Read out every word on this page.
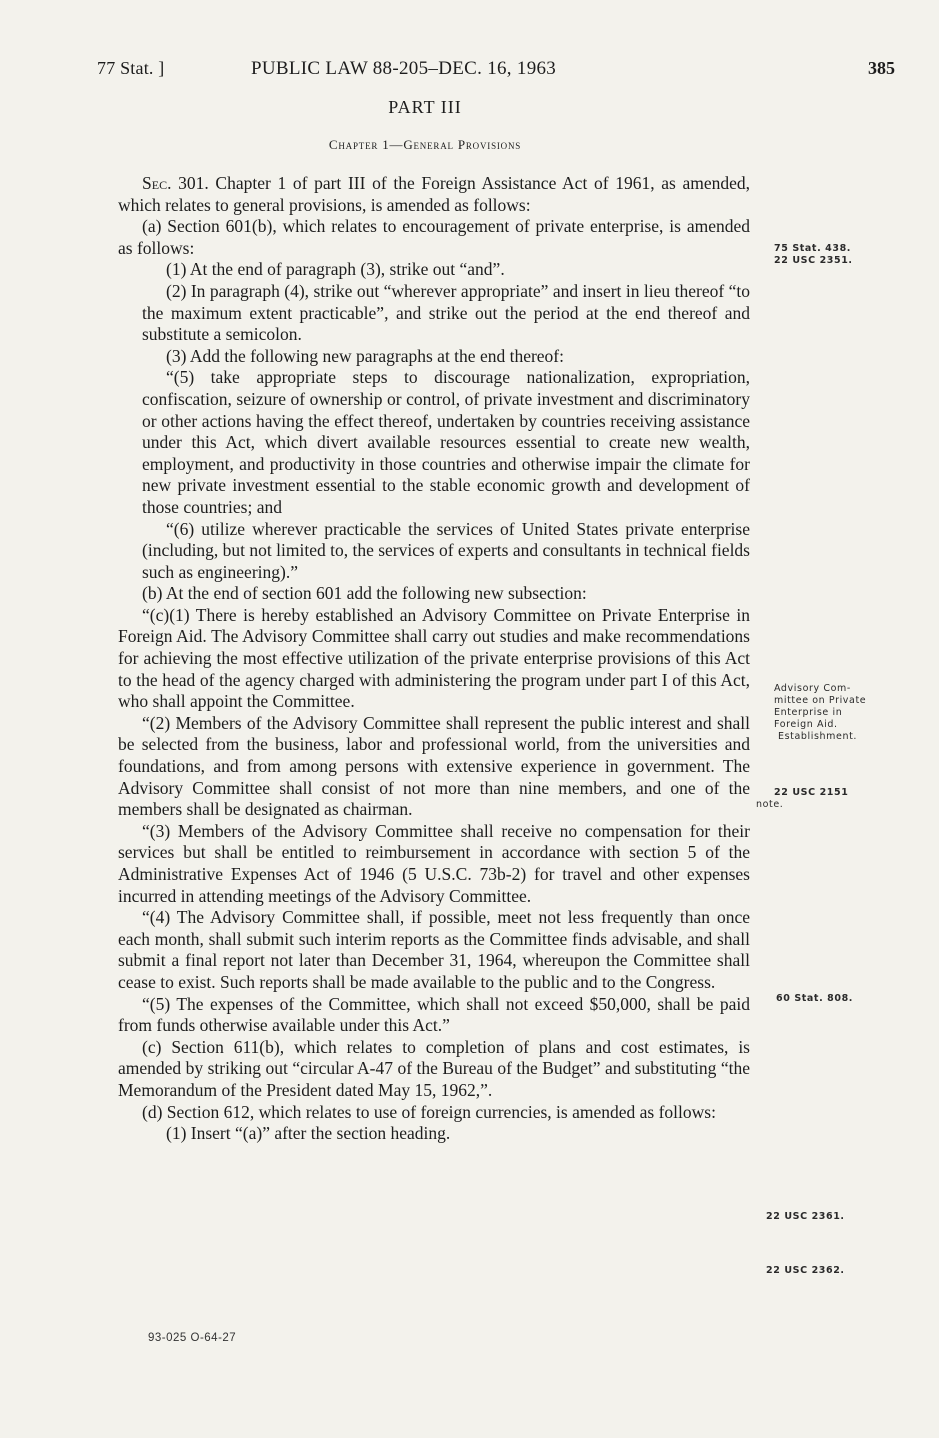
77 Stat. ]	PUBLIC LAW 88-205–DEC. 16, 1963	385
PART III
Chapter 1—General Provisions

Sec. 301. Chapter 1 of part III of the Foreign Assistance Act of 1961, as amended, which relates to general provisions, is amended as follows:

(a) Section 601(b), which relates to encouragement of private enterprise, is amended as follows:

(1) At the end of paragraph (3), strike out “and”.

(2) In paragraph (4), strike out “wherever appropriate” and insert in lieu thereof “to the maximum extent practicable”, and strike out the period at the end thereof and substitute a semicolon.

(3) Add the following new paragraphs at the end thereof:

“(5) take appropriate steps to discourage nationalization, expropriation, confiscation, seizure of ownership or control, of private investment and discriminatory or other actions having the effect thereof, undertaken by countries receiving assistance under this Act, which divert available resources essential to create new wealth, employment, and productivity in those countries and otherwise impair the climate for new private investment essential to the stable economic growth and development of those countries; and

“(6) utilize wherever practicable the services of United States private enterprise (including, but not limited to, the services of experts and consultants in technical fields such as engineering).”

(b) At the end of section 601 add the following new subsection:

“(c)(1) There is hereby established an Advisory Committee on Private Enterprise in Foreign Aid. The Advisory Committee shall carry out studies and make recommendations for achieving the most effective utilization of the private enterprise provisions of this Act to the head of the agency charged with administering the program under part I of this Act, who shall appoint the Committee.

“(2) Members of the Advisory Committee shall represent the public interest and shall be selected from the business, labor and professional world, from the universities and foundations, and from among persons with extensive experience in government. The Advisory Committee shall consist of not more than nine members, and one of the members shall be designated as chairman.

“(3) Members of the Advisory Committee shall receive no compensation for their services but shall be entitled to reimbursement in accordance with section 5 of the Administrative Expenses Act of 1946 (5 U.S.C. 73b-2) for travel and other expenses incurred in attending meetings of the Advisory Committee.

“(4) The Advisory Committee shall, if possible, meet not less frequently than once each month, shall submit such interim reports as the Committee finds advisable, and shall submit a final report not later than December 31, 1964, whereupon the Committee shall cease to exist. Such reports shall be made available to the public and to the Congress.

“(5) The expenses of the Committee, which shall not exceed $50,000, shall be paid from funds otherwise available under this Act.”

(c) Section 611(b), which relates to completion of plans and cost estimates, is amended by striking out “circular A-47 of the Bureau of the Budget” and substituting “the Memorandum of the President dated May 15, 1962,”.

(d) Section 612, which relates to use of foreign currencies, is amended as follows:

(1) Insert “(a)” after the section heading.

75 Stat. 438.
22 USC 2351.
Advisory Com-
mittee on Private
Enterprise in
Foreign Aid.
Establishment.
22 USC 2151
note.
60 Stat. 808.
22 USC 2361.
22 USC 2362.
93-025 O-64-27
